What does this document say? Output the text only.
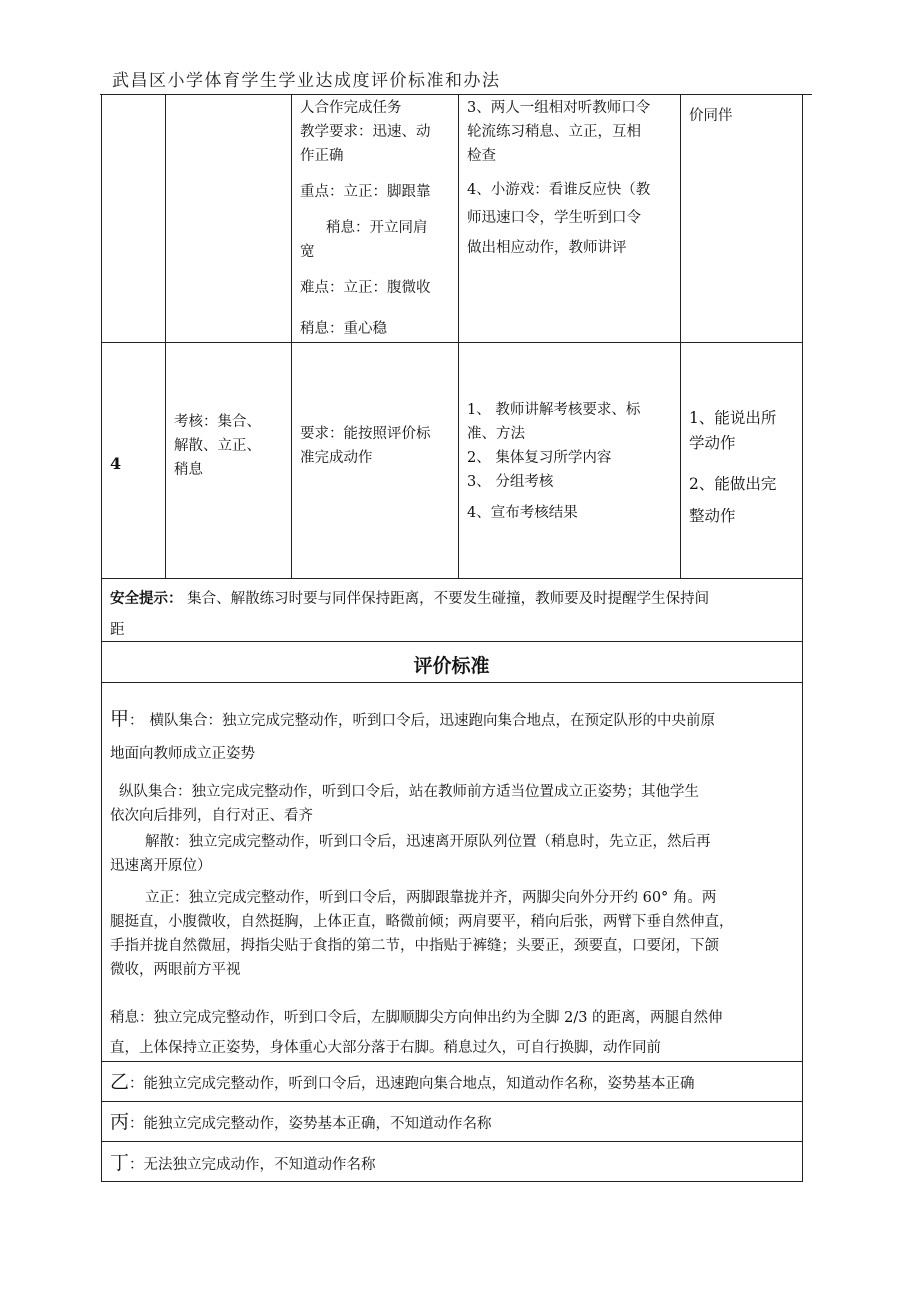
武昌区小学体育学生学业达成度评价标准和办法
人合作完成任务
教学要求：迅速、动
作正确
重点：立正：脚跟靠
稍息：开立同肩
宽
难点：立正：腹微收
稍息：重心稳
3、两人一组相对听教师口令
轮流练习稍息、立正，互相
检查
4、小游戏：看谁反应快（教
师迅速口令，学生听到口令
做出相应动作，教师讲评
价同伴
4
考核：集合、
解散、立正、
稍息
要求：能按照评价标
准完成动作
1、 教师讲解考核要求、标
准、方法
2、 集体复习所学内容
3、 分组考核
4、宣布考核结果
1、能说出所
学动作
2、能做出完
整动作
安全提示： 集合、解散练习时要与同伴保持距离，不要发生碰撞，教师要及时提醒学生保持间
距
评价标准
甲： 横队集合：独立完成完整动作，听到口令后，迅速跑向集合地点，在预定队形的中央前原
地面向教师成立正姿势
纵队集合：独立完成完整动作，听到口令后，站在教师前方适当位置成立正姿势；其他学生
依次向后排列，自行对正、看齐
解散：独立完成完整动作，听到口令后，迅速离开原队列位置（稍息时，先立正，然后再
迅速离开原位）
立正：独立完成完整动作，听到口令后，两脚跟靠拢并齐，两脚尖向外分开约 60° 角。两
腿挺直，小腹微收，自然挺胸，上体正直，略微前倾；两肩要平，稍向后张，两臂下垂自然伸直，
手指并拢自然微屈，拇指尖贴于食指的第二节，中指贴于裤缝；头要正，颈要直，口要闭，下颌
微收，两眼前方平视
稍息：独立完成完整动作，听到口令后，左脚顺脚尖方向伸出约为全脚 2/3 的距离，两腿自然伸
直，上体保持立正姿势，身体重心大部分落于右脚。稍息过久，可自行换脚，动作同前
乙：能独立完成完整动作，听到口令后，迅速跑向集合地点，知道动作名称，姿势基本正确
丙：能独立完成完整动作，姿势基本正确，不知道动作名称
丁：无法独立完成动作，不知道动作名称
